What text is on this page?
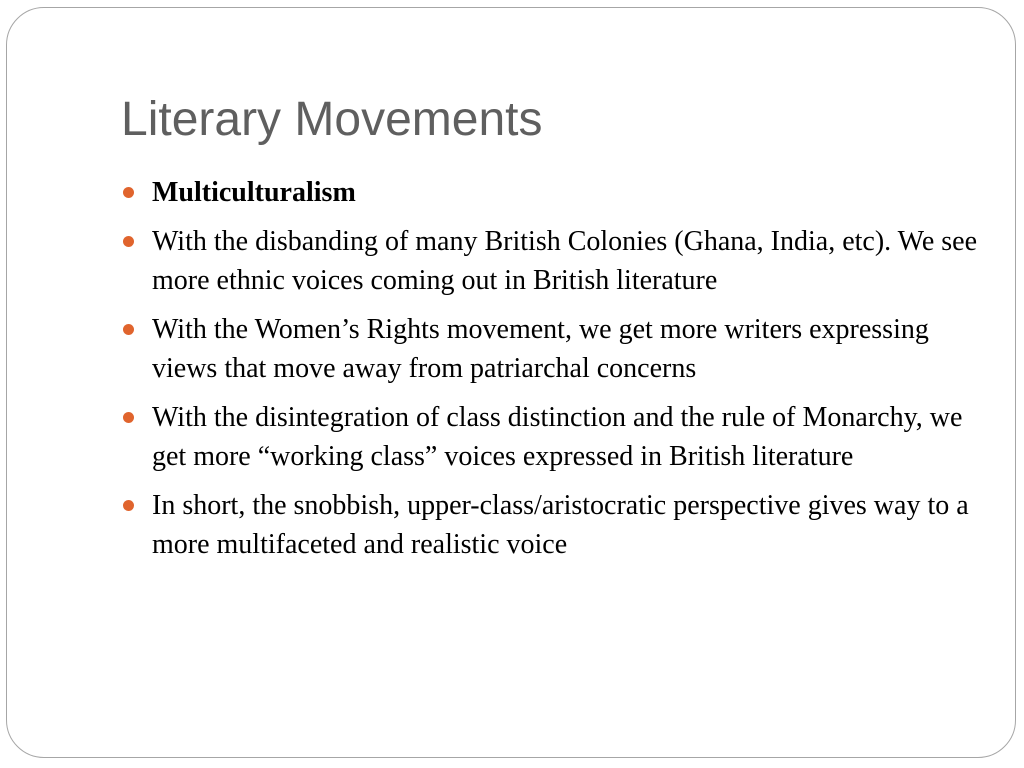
Literary Movements
Multiculturalism
With the disbanding of many British Colonies (Ghana, India, etc). We see more ethnic voices coming out in British literature
With the Women’s Rights movement, we get more writers expressing views that move away from patriarchal concerns
With the disintegration of class distinction and the rule of Monarchy, we get more “working class” voices expressed in British literature
In short, the snobbish, upper-class/aristocratic perspective gives way to a more multifaceted and realistic voice
